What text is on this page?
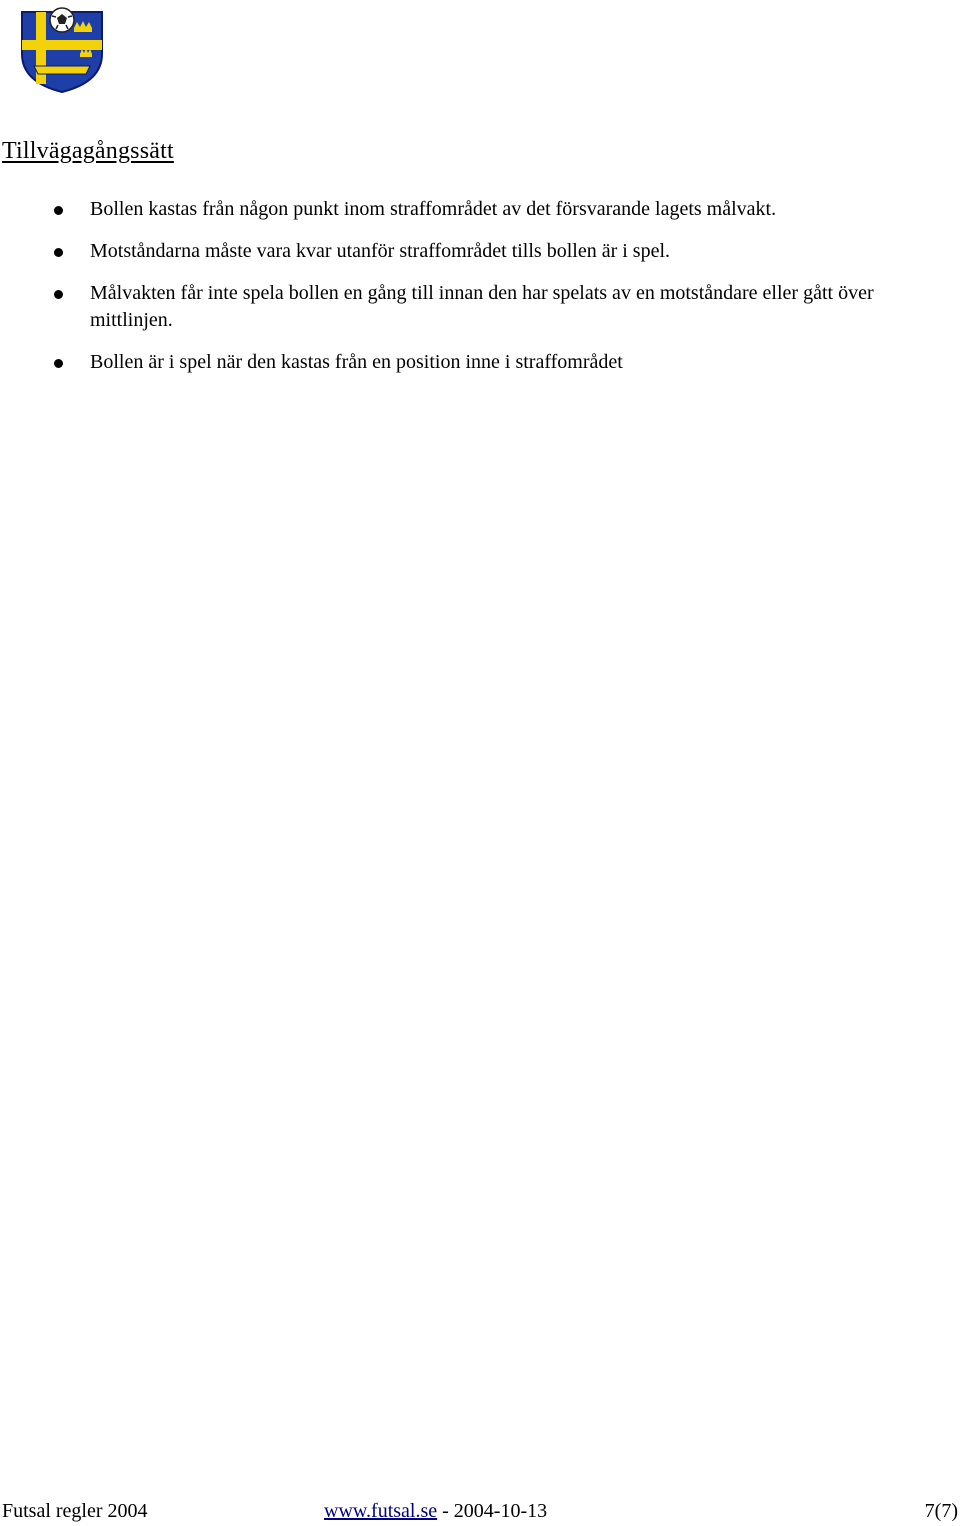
Tillvägagångssätt
Bollen kastas från någon punkt inom straffområdet av det försvarande lagets målvakt.
Motståndarna måste vara kvar utanför straffområdet tills bollen är i spel.
Målvakten får inte spela bollen en gång till innan den har spelats av en motståndare eller gått över mittlinjen.
Bollen är i spel när den kastas från en position inne i straffområdet
Futsal regler 2004	www.futsal.se - 2004-10-13	7(7)
